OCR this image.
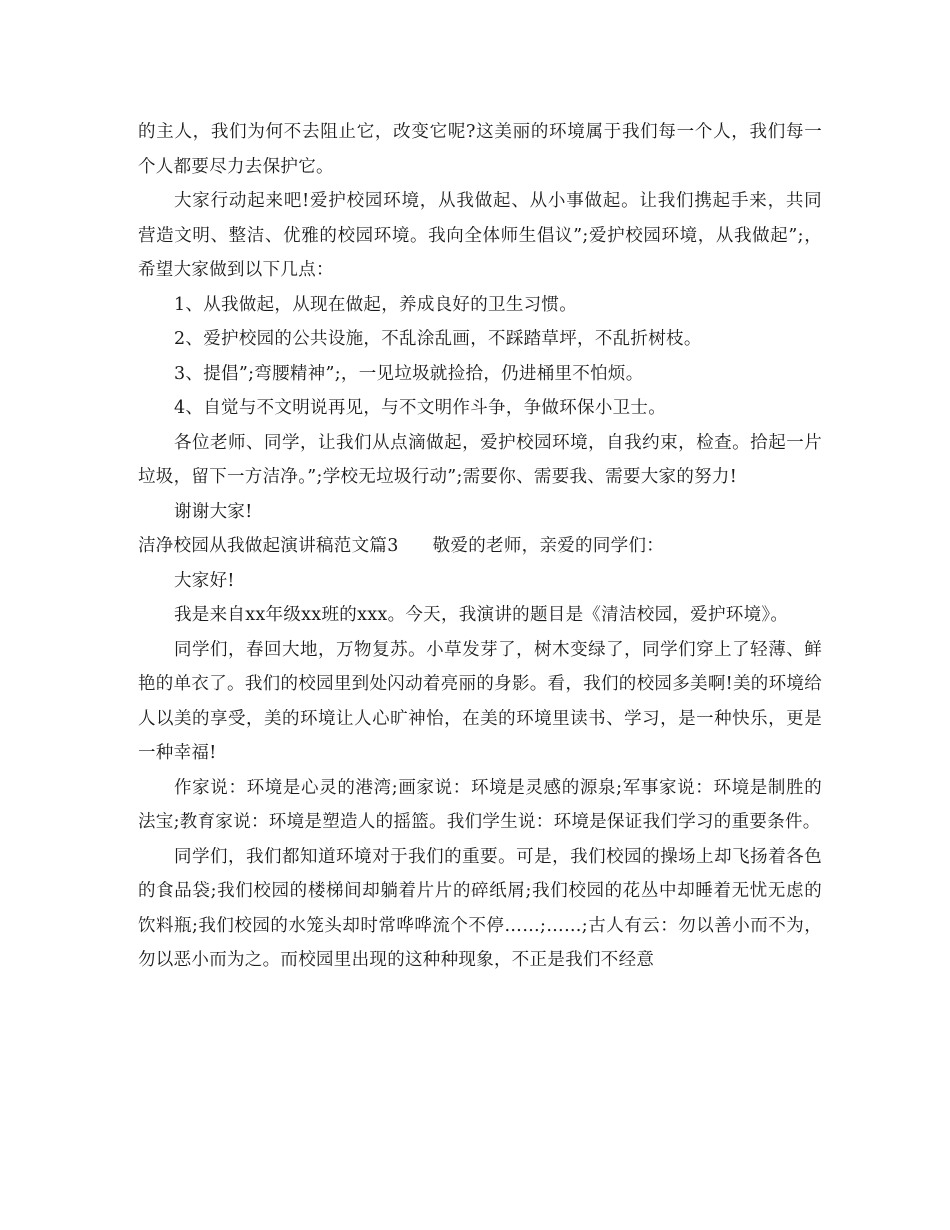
的主人，我们为何不去阻止它，改变它呢?这美丽的环境属于我们每一个人，我们每一个人都要尽力去保护它。

大家行动起来吧!爱护校园环境，从我做起、从小事做起。让我们携起手来，共同营造文明、整洁、优雅的校园环境。我向全体师生倡议”;爱护校园环境，从我做起”;，希望大家做到以下几点：

1、从我做起，从现在做起，养成良好的卫生习惯。

2、爱护校园的公共设施，不乱涂乱画，不踩踏草坪，不乱折树枝。

3、提倡”;弯腰精神”;，一见垃圾就捡拾，仍进桶里不怕烦。

4、自觉与不文明说再见，与不文明作斗争，争做环保小卫士。

各位老师、同学，让我们从点滴做起，爱护校园环境，自我约束，检查。拾起一片垃圾，留下一方洁净。”;学校无垃圾行动”;需要你、需要我、需要大家的努力!

谢谢大家!

洁净校园从我做起演讲稿范文篇3 敬爱的老师，亲爱的同学们：

大家好!

我是来自xx年级xx班的xxx。今天，我演讲的题目是《清洁校园，爱护环境》。

同学们，春回大地，万物复苏。小草发芽了，树木变绿了，同学们穿上了轻薄、鲜艳的单衣了。我们的校园里到处闪动着亮丽的身影。看，我们的校园多美啊!美的环境给人以美的享受，美的环境让人心旷神怡，在美的环境里读书、学习，是一种快乐，更是一种幸福!

作家说：环境是心灵的港湾;画家说：环境是灵感的源泉;军事家说：环境是制胜的法宝;教育家说：环境是塑造人的摇篮。我们学生说：环境是保证我们学习的重要条件。

同学们，我们都知道环境对于我们的重要。可是，我们校园的操场上却飞扬着各色的食品袋;我们校园的楼梯间却躺着片片的碎纸屑;我们校园的花丛中却睡着无忧无虑的饮料瓶;我们校园的水笼头却时常哗哗流个不停……;……;古人有云：勿以善小而不为，勿以恶小而为之。而校园里出现的这种种现象，不正是我们不经意
